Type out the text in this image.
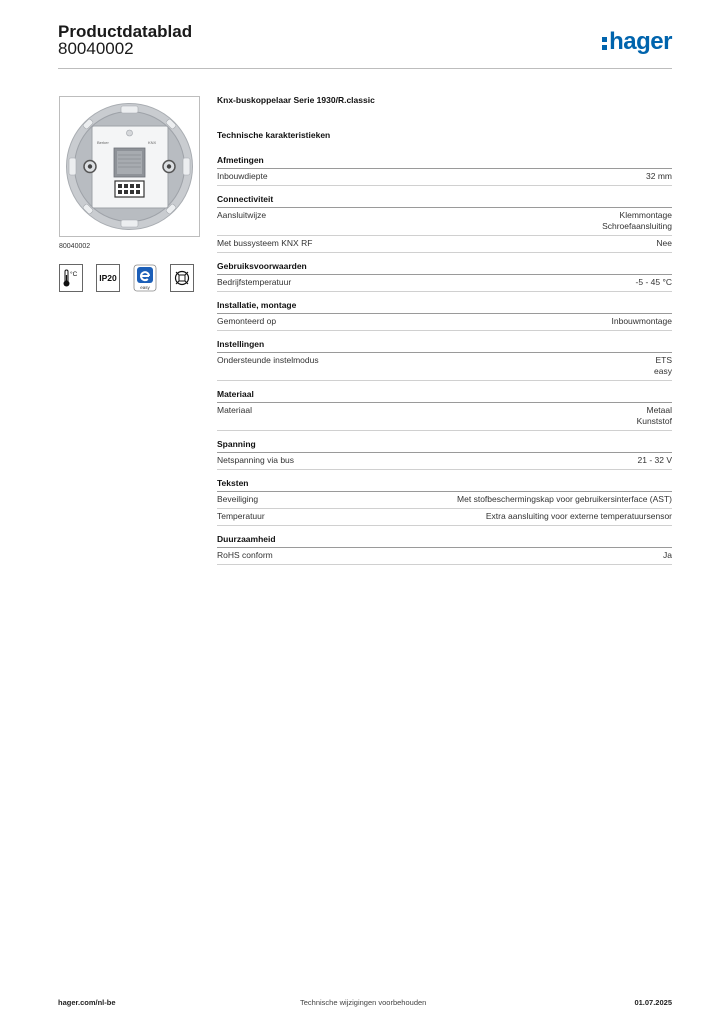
Productdatablad
80040002	hager
Berker	KNX
80040002
°C	IP20
easy
Knx-buskoppelaar Serie 1930/R.classic
Technische karakteristieken
Afmetingen
Inbouwdiepte	32 mm
Connectiviteit
Aansluitwijze	Klemmontage
Schroefaansluiting
Met bussysteem KNX RF	Nee
Gebruiksvoorwaarden
Bedrijfstemperatuur	-5 - 45 °C
Installatie, montage
Gemonteerd op	Inbouwmontage
Instellingen
Ondersteunde instelmodus	ETS
easy
Materiaal
Materiaal	Metaal
Kunststof
Spanning
Netspanning via bus	21 - 32 V
Teksten
Beveiliging	Met stofbeschermingskap voor gebruikersinterface (AST)
Temperatuur	Extra aansluiting voor externe temperatuursensor
Duurzaamheid
RoHS conform	Ja
hager.com/nl-be	Technische wijzigingen voorbehouden	01.07.2025
